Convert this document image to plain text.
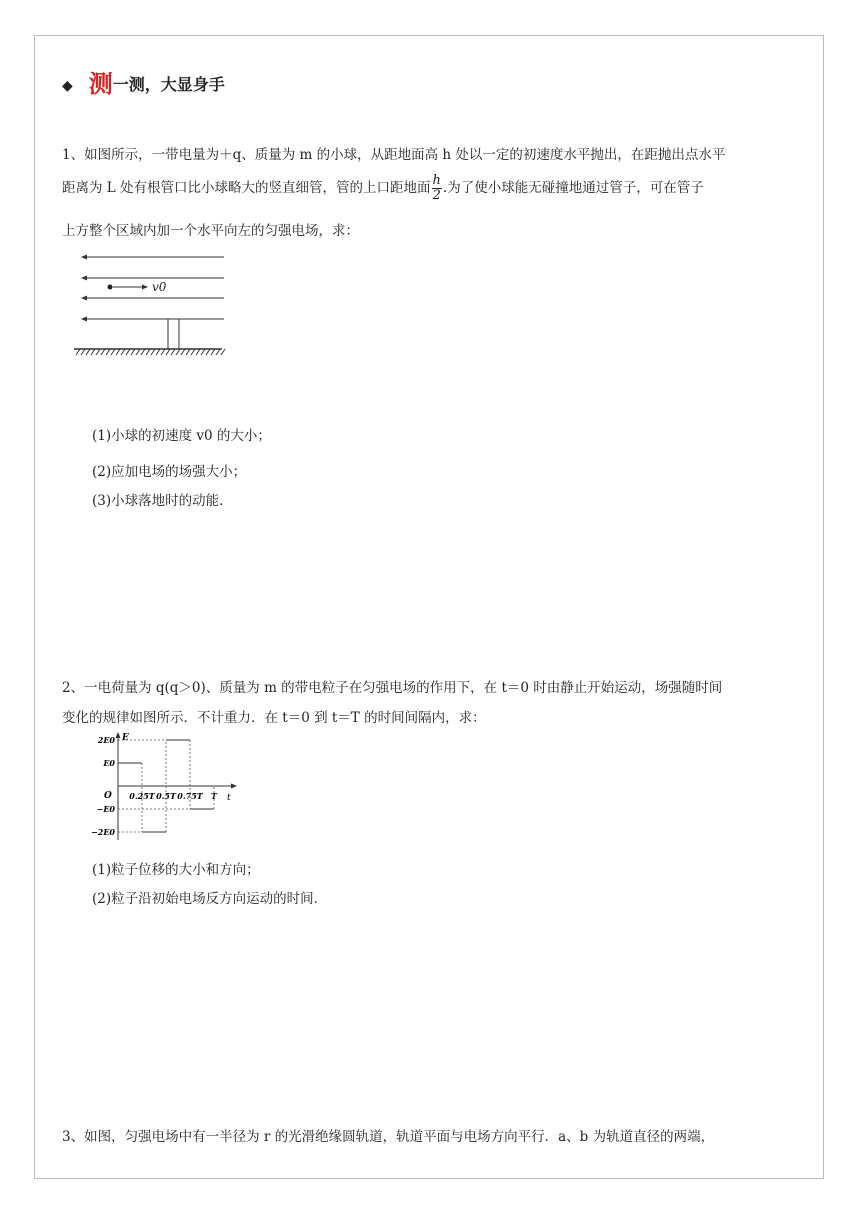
◆ 测一测，大显身手
1、如图所示，一带电量为＋q、质量为 m 的小球，从距地面高 h 处以一定的初速度水平抛出，在距抛出点水平
距离为 L 处有根管口比小球略大的竖直细管，管的上口距地面 $\frac{h}{2}$ .为了使小球能无碰撞地通过管子，可在管子
上方整个区域内加一个水平向左的匀强电场，求：
v0
(1)小球的初速度 v0 的大小；
(2)应加电场的场强大小；
(3)小球落地时的动能．
2、一电荷量为 q(q＞0)、质量为 m 的带电粒子在匀强电场的作用下，在 t＝0 时由静止开始运动，场强随时间
变化的规律如图所示．不计重力．在 t＝0 到 t＝T 的时间间隔内，求：
E
t
O
2E0
E0
−E0
−2E0
0.25T 0.5T 0.75T T
(1)粒子位移的大小和方向；
(2)粒子沿初始电场反方向运动的时间．
3、如图，匀强电场中有一半径为 r 的光滑绝缘圆轨道，轨道平面与电场方向平行．a、b 为轨道直径的两端，
